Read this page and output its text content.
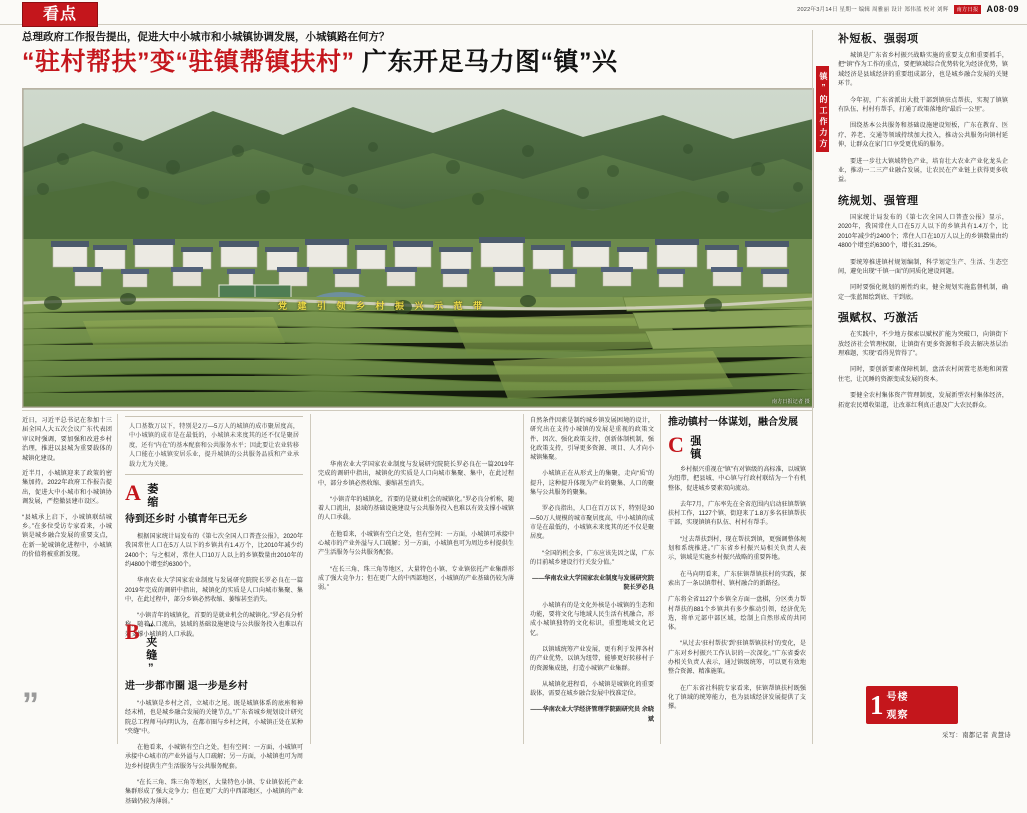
看点	2022年3月14日 星期一 编辑 周雅丽 设计 郑伟蓝 校对 刘辉	南方日报 A08·09
总理政府工作报告提出，促进大中小城市和小城镇协调发展，小城镇路在何方？
“驻村帮扶”变“驻镇帮镇扶村” 广东开足马力图“镇”兴
党 建 引 领 乡 村 振 兴 示 范 带
南方日报记者 摄

近日，习近平总书记在参加十三届全国人大五次会议广东代表团审议时强调，要加强和改进乡村治理，推进以县城为重要载体的城镇化建设。

近半月，小城镇迎来了政策的密集加持。2022年政府工作报告提出，促进大中小城市和小城镇协调发展，严控撤县建市设区。

“县城承上启下，小城镇联结城乡。”在多位受访专家看来，小城镇是城乡融合发展的重要支点，在新一轮城镇化进程中，小城镇的价值将被重新发现。

”

人口基数万以下，特别是2万—5万人的城镇的成市聚居度高，中小城镇的成市是在最低的，小城镇未来度其的还不仅是聚居度，还有“内在”的基本配套和公共服务水平；因此要让农业转移人口能在小城镇安居乐业，提升城镇的公共服务品质和产业承载力尤为关键。

A 萎缩
待到还乡时 小镇青年已无乡

根据国家统计局发布的《第七次全国人口普查公报》，2020年我国常住人口在5万人以下的乡镇共有1.4万个，比2010年减少约2400个；与之相对，常住人口10万人以上的乡镇数量由2010年的约4800个增至约6300个。

华南农业大学国家农业制度与发展研究院院长罗必良在一篇2019年完成的调研中指出，城镇化的实质是人口向城市集聚、集中，在此过程中，部分乡镇必然收缩、萎缩甚至消失。

“小镇青年的城镇化，首要的是就业机会的城镇化。”罗必良分析称，随着人口流出，县域的基础设施建设与公共服务投入也难以有效支撑小城镇的人口承载。

B “夹缝”
进一步都市圈 退一步是乡村

“小城镇是乡村之首，立城市之尾。既是城镇体系的底座和神经末梢，也是城乡融合发展的关键节点。”广东省城乡规划设计研究院总工程师马向明认为，在都市圈与乡村之间，小城镇正处在某种“夹缝”中。

在他看来，小城镇有空白之处，但有空间：一方面，小城镇可承接中心城市的产业外溢与人口疏解；另一方面，小城镇也可为周边乡村提供生产生活服务与公共服务配套。

“在长三角、珠三角等地区，大量特色小镇、专业镇依托产业集群形成了强大竞争力；但在更广大的中西部地区，小城镇的产业基础仍较为薄弱。”

华南农业大学国家农业制度与发展研究院院长罗必良在一篇2019年完成的调研中指出，城镇化的实质是人口向城市集聚、集中，在此过程中，部分乡镇必然收缩、萎缩甚至消失。

“小镇青年的城镇化，首要的是就业机会的城镇化。”罗必良分析称，随着人口流出，县域的基础设施建设与公共服务投入也难以有效支撑小城镇的人口承载。

在他看来，小城镇有空白之处，但有空间：一方面，小城镇可承接中心城市的产业外溢与人口疏解；另一方面，小城镇也可为周边乡村提供生产生活服务与公共服务配套。

“在长三角、珠三角等地区，大量特色小镇、专业镇依托产业集群形成了强大竞争力；但在更广大的中西部地区，小城镇的产业基础仍较为薄弱。”

自然条件因素是制约城乡镇发展困境的设计，研究出在支持小城镇的发展是重视的政策文件、因次、强化政策支持，创新体制机制，强化政策支持，引导更多资源、项目、人才向小城镇集聚。

小城镇正在从形式上的集聚，走向“质”的提升，这种提升体现为产业的聚集、人口的聚集与公共服务的聚集。

罗必良指出，人口在百万以下，特别是30—50万人规模的城市聚居度高，中小城镇的成市是在最低的，小城镇未来度其的还不仅是聚居度。

“全国的机会多，广东应该先因之谋，广东的目前城乡建设行行关发分值。”

——华南农业大学国家农业制度与发展研究院院长罗必良

小城镇有的是文化外核是小城镇的生态和功能，要将文化与地域人民生活有机融合，形成小城镇独特的文化标识，重塑地域文化记忆。

以镇域统筹产业发展，更有利于发挥各村的产业优势，以镇为纽带，能够更好转移村子的资源集成链，打造小城镇产业集群。

从城镇化进程看，小城镇是城镇化的重要载体，需要在城乡融合发展中找准定位。

——华南农业大学经济管理学院副研究员 余晓斌
推动镇村一体谋划，融合发展
C 强镇

乡村振兴重视在“镇”有对镇级的高标准，以城镇为纽带，把县城、中心镇与行政村联结为一个有机整体，促进城乡要素双向流动。

去年7月，广东率先在全省范围内启动驻镇帮镇扶村工作，1127个镇、街迎来了1.8万多名驻镇帮扶干部，实现镇镇有队伍、村村有帮手。

“过去帮扶到村，现在帮扶到镇，更强调整体规划和系统推进。”广东省乡村振兴局相关负责人表示，镇域是实施乡村振兴战略的重要阵地。

在马向明看来，广东驻镇帮镇扶村的实践，探索出了一条以镇带村、镇村融合的新路径。

广东将全省1127个乡镇全方面一盘棋，分区类力帮村帮扶的881个乡镇共有多少推动引领，经济优先选，将单元部中部区域，绘制上自然形成的共同体。

“从过去‘驻村帮扶’到‘驻镇帮镇扶村’的变化，是广东对乡村振兴工作认识的一次深化。”广东省委农办相关负责人表示，通过镇级统筹，可以更有效地整合资源、精准施策。

在广东省社科院专家看来，驻镇帮镇扶村既强化了镇域的统筹能力，也为县域经济发展提供了支撑。

镇”的工作力方
补短板、强弱项

城镇是广东省乡村振兴战略实施的重要支点和重要抓手，把“镇”作为工作的重点，要把镇域综合优势转化为经济优势，镇域经济是县域经济的重要组成部分，也是城乡融合发展的关键环节。

今年初，广东省派出大批干部到镇驻点帮扶，实现了镇镇有队伍、村村有帮手，打通了政策落地的“最后一公里”。

围绕基本公共服务和基础设施建设短板，广东在教育、医疗、养老、交通等领域持续加大投入，推动公共服务向镇村延伸，让群众在家门口享受更优质的服务。

要进一步壮大镇域特色产业，培育壮大农业产业化龙头企业，推动一二三产业融合发展，让农民在产业链上获得更多收益。

统规划、强管理

国家统计局发布的《第七次全国人口普查公报》显示，2020年，我国常住人口在5万人以下的乡镇共有1.4万个，比2010年减少约2400个；常住人口在10万人以上的乡镇数量由约4800个增至约6300个，增长31.25%。

要统筹推进镇村规划编制，科学划定生产、生活、生态空间，避免出现“千镇一面”的同质化建设问题。

同时要强化规划的刚性约束，健全规划实施监督机制，确定一张蓝图绘到底、干到底。

强赋权、巧激活

在实践中，不少地方探索以赋权扩能为突破口，向镇街下放经济社会管理权限，让镇街有更多资源和手段去解决基层治理难题，实现“看得见管得了”。

同时，要创新要素保障机制，盘活农村闲置宅基地和闲置住宅，让沉睡的资源变成发展的资本。

要健全农村集体资产管理制度，发展新型农村集体经济，拓宽农民增收渠道，让改革红利真正惠及广大农民群众。

1 号楼
观察
采写：南都记者 黄慧诗
